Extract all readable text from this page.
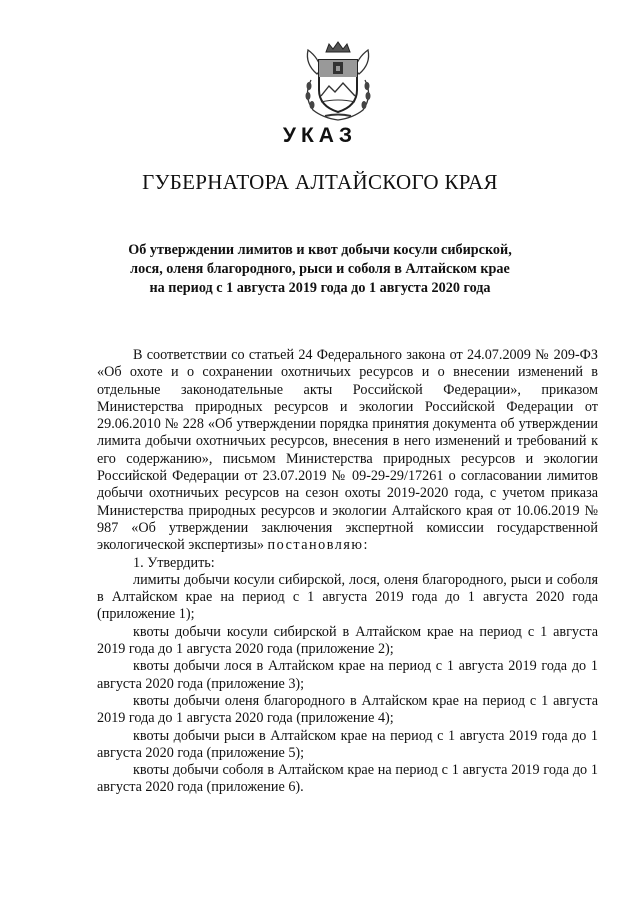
УКАЗ
ГУБЕРНАТОРА АЛТАЙСКОГО КРАЯ
Об утверждении лимитов и квот добычи косули сибирской,
лося, оленя благородного, рыси и соболя в Алтайском крае
на период с 1 августа 2019 года до 1 августа 2020 года

В соответствии со статьей 24 Федерального закона от 24.07.2009 № 209-ФЗ «Об охоте и о сохранении охотничьих ресурсов и о внесении изменений в отдельные законодательные акты Российской Федерации», приказом Министерства природных ресурсов и экологии Российской Федерации от 29.06.2010 № 228 «Об утверждении порядка принятия документа об утверждении лимита добычи охотничьих ресурсов, внесения в него изменений и требований к его содержанию», письмом Министерства природных ресурсов и экологии Российской Федерации от 23.07.2019 № 09-29-29/17261 о согласовании лимитов добычи охотничьих ресурсов на сезон охоты 2019-2020 года, с учетом приказа Министерства природных ресурсов и экологии Алтайского края от 10.06.2019 № 987 «Об утверждении заключения экспертной комиссии государственной экологической экспертизы» постановляю:

1. Утвердить:

лимиты добычи косули сибирской, лося, оленя благородного, рыси и соболя в Алтайском крае на период с 1 августа 2019 года до 1 августа 2020 года (приложение 1);

квоты добычи косули сибирской в Алтайском крае на период с 1 августа 2019 года до 1 августа 2020 года (приложение 2);

квоты добычи лося в Алтайском крае на период с 1 августа 2019 года до 1 августа 2020 года (приложение 3);

квоты добычи оленя благородного в Алтайском крае на период с 1 августа 2019 года до 1 августа 2020 года (приложение 4);

квоты добычи рыси в Алтайском крае на период с 1 августа 2019 года до 1 августа 2020 года (приложение 5);

квоты добычи соболя в Алтайском крае на период с 1 августа 2019 года до 1 августа 2020 года (приложение 6).
